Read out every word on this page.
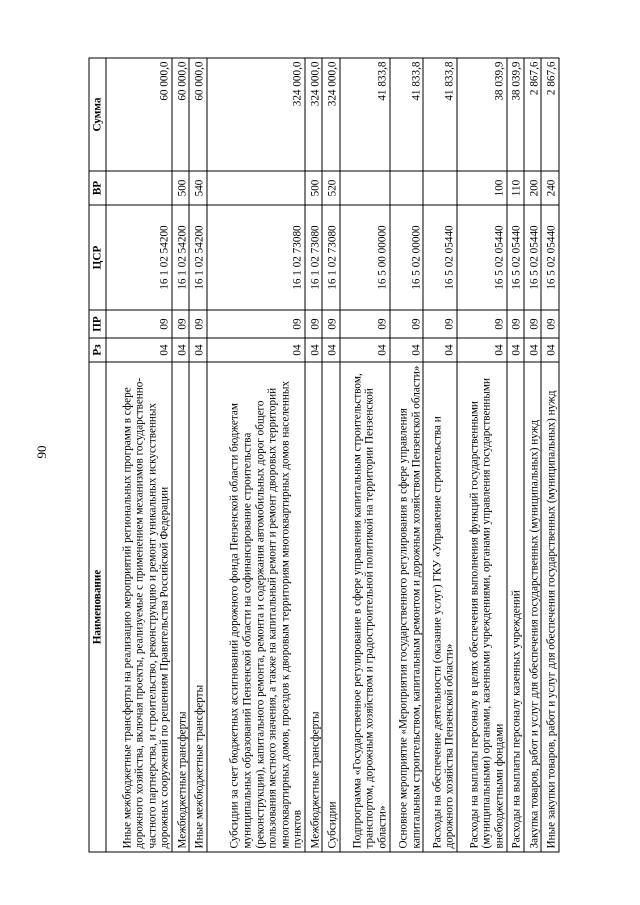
90
Наименование	Рз	ПР	ЦСР	ВР	Сумма
Иные межбюджетные трансферты на реализацию мероприятий региональных программ в сфере дорожного хозяйства, включая проекты, реализуемые с применением механизмов государственно-частного партнерства, и строительство, реконструкцию и ремонт уникальных искусственных дорожных сооружений по решениям Правительства Российской Федерации	04	09	16 1 02 54200		60 000,0
Межбюджетные трансферты	04	09	16 1 02 54200	500	60 000,0
Иные межбюджетные трансферты	04	09	16 1 02 54200	540	60 000,0
Субсидии за счет бюджетных ассигнований дорожного фонда Пензенской области бюджетам муниципальных образований Пензенской области на софинансирование строительства (реконструкции), капитального ремонта, ремонта и содержания автомобильных дорог общего пользования местного значения, а также на капитальный ремонт и ремонт дворовых территорий многоквартирных домов, проездов к дворовым территориям многоквартирных домов населенных пунктов	04	09	16 1 02 73080		324 000,0
Межбюджетные трансферты	04	09	16 1 02 73080	500	324 000,0
Субсидии	04	09	16 1 02 73080	520	324 000,0
Подпрограмма «Государственное регулирование в сфере управления капитальным строительством, транспортом, дорожным хозяйством и градостроительной политикой на территории Пензенской области»	04	09	16 5 00 00000		41 833,8
Основное мероприятие «Мероприятия государственного регулирования в сфере управления капитальным строительством, капитальным ремонтом и дорожным хозяйством Пензенской области»	04	09	16 5 02 00000		41 833,8
Расходы на обеспечение деятельности (оказание услуг) ГКУ «Управление строительства и дорожного хозяйства Пензенской области»	04	09	16 5 02 05440		41 833,8
Расходы на выплаты персоналу в целях обеспечения выполнения функций государственными (муниципальными) органами, казенными учреждениями, органами управления государственными внебюджетными фондами	04	09	16 5 02 05440	100	38 039,9
Расходы на выплаты персоналу казенных учреждений	04	09	16 5 02 05440	110	38 039,9
Закупка товаров, работ и услуг для обеспечения государственных (муниципальных) нужд	04	09	16 5 02 05440	200	2 867,6
Иные закупки товаров, работ и услуг для обеспечения государственных (муниципальных) нужд	04	09	16 5 02 05440	240	2 867,6
